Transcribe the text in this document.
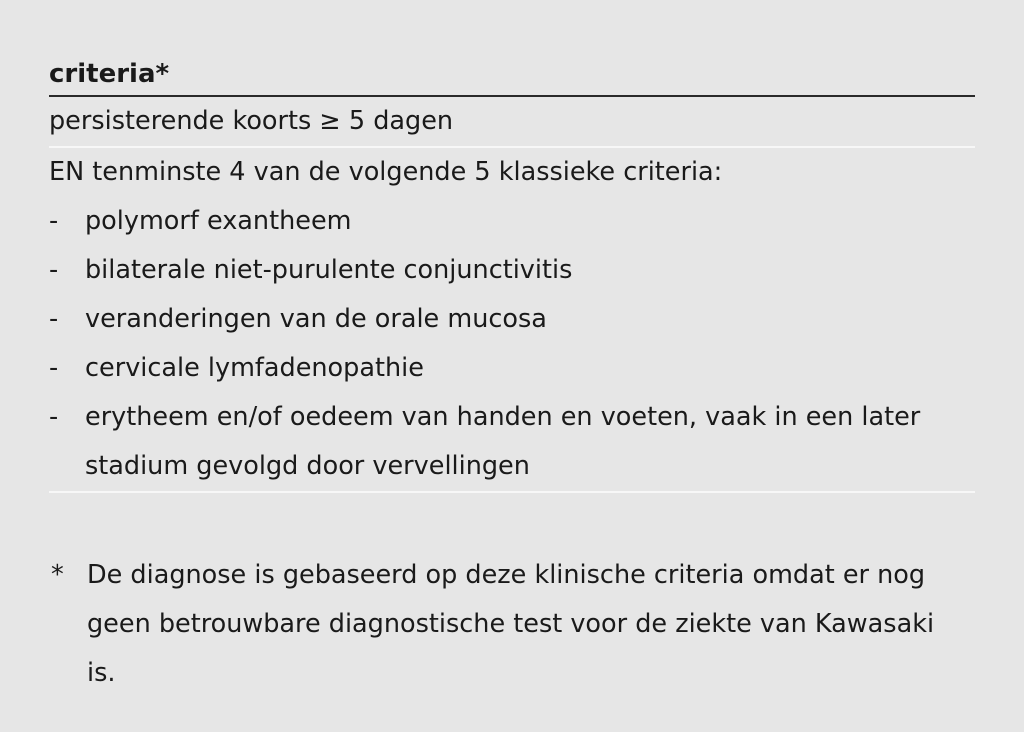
criteria*
persisterende koorts ≥ 5 dagen
EN tenminste 4 van de volgende 5 klassieke criteria:
-	polymorf exantheem
-	bilaterale niet-purulente conjunctivitis
-	veranderingen van de orale mucosa
-	cervicale lymfadenopathie
-	erytheem en/of oedeem van handen en voeten, vaak in een later stadium gevolgd door vervellingen
* De diagnose is gebaseerd op deze klinische criteria omdat er nog geen betrouwbare diagnostische test voor de ziekte van Kawasaki is.
